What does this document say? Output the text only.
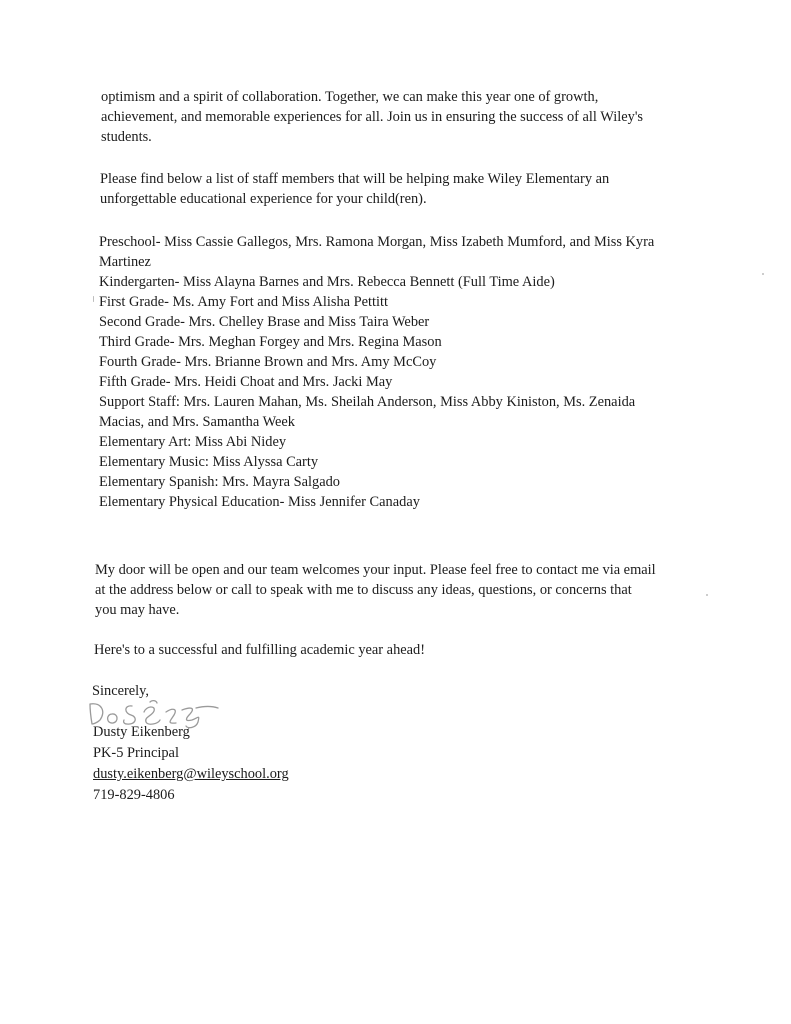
optimism and a spirit of collaboration. Together, we can make this year one of growth,
achievement, and memorable experiences for all. Join us in ensuring the success of all Wiley's
students.
Please find below a list of staff members that will be helping make Wiley Elementary an
unforgettable educational experience for your child(ren).
Preschool- Miss Cassie Gallegos, Mrs. Ramona Morgan, Miss Izabeth Mumford, and Miss Kyra
Martinez
Kindergarten- Miss Alayna Barnes and Mrs. Rebecca Bennett (Full Time Aide)
First Grade- Ms. Amy Fort and Miss Alisha Pettitt
Second Grade- Mrs. Chelley Brase and Miss Taira Weber
Third Grade- Mrs. Meghan Forgey and Mrs. Regina Mason
Fourth Grade- Mrs. Brianne Brown and Mrs. Amy McCoy
Fifth Grade- Mrs. Heidi Choat and Mrs. Jacki May
Support Staff: Mrs. Lauren Mahan, Ms. Sheilah Anderson, Miss Abby Kiniston, Ms. Zenaida
Macias, and Mrs. Samantha Week
Elementary Art: Miss Abi Nidey
Elementary Music: Miss Alyssa Carty
Elementary Spanish: Mrs. Mayra Salgado
Elementary Physical Education- Miss Jennifer Canaday
My door will be open and our team welcomes your input. Please feel free to contact me via email
at the address below or call to speak with me to discuss any ideas, questions, or concerns that
you may have.
Here's to a successful and fulfilling academic year ahead!
Sincerely,
Dusty Eikenberg
PK-5 Principal
dusty.eikenberg@wileyschool.org
719-829-4806
